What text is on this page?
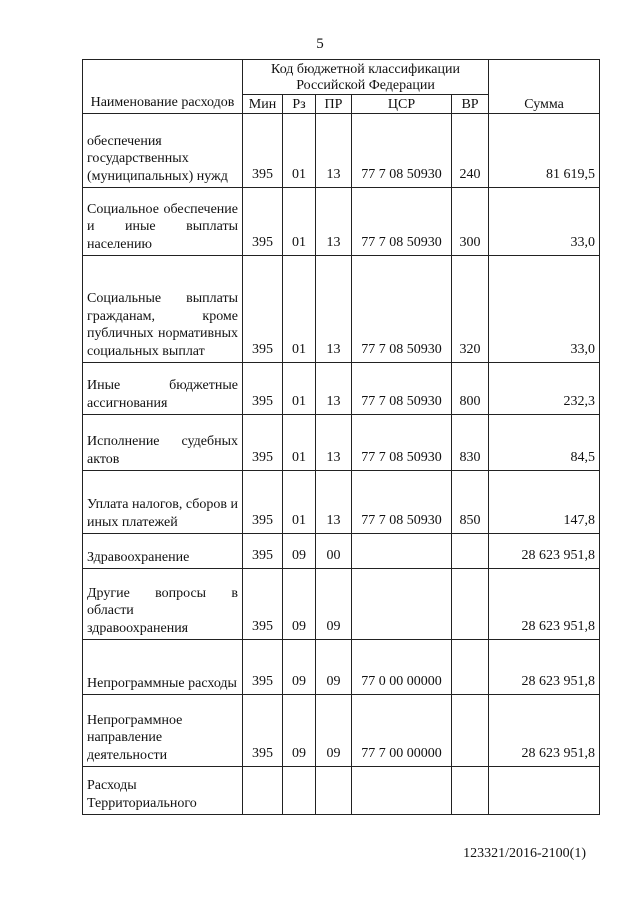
5
Наименование расходов	Код бюджетной классификации Российской Федерации					Сумма
	Мин	Рз	ПР	ЦСР	ВР	
обеспечения государственных (муниципальных) нужд	395	01	13	77 7 08 50930	240	81 619,5
Социальное обеспечение и иные выплаты населению	395	01	13	77 7 08 50930	300	33,0
Социальные выплаты гражданам, кроме публичных нормативных социальных выплат	395	01	13	77 7 08 50930	320	33,0
Иные бюджетные ассигнования	395	01	13	77 7 08 50930	800	232,3
Исполнение судебных актов	395	01	13	77 7 08 50930	830	84,5
Уплата налогов, сборов и иных платежей	395	01	13	77 7 08 50930	850	147,8
Здравоохранение	395	09	00			28 623 951,8
Другие вопросы в области здравоохранения	395	09	09			28 623 951,8
Непрограммные расходы	395	09	09	77 0 00 00000		28 623 951,8
Непрограммное направление деятельности	395	09	09	77 7 00 00000		28 623 951,8
Расходы Территориального						
123321/2016-2100(1)
